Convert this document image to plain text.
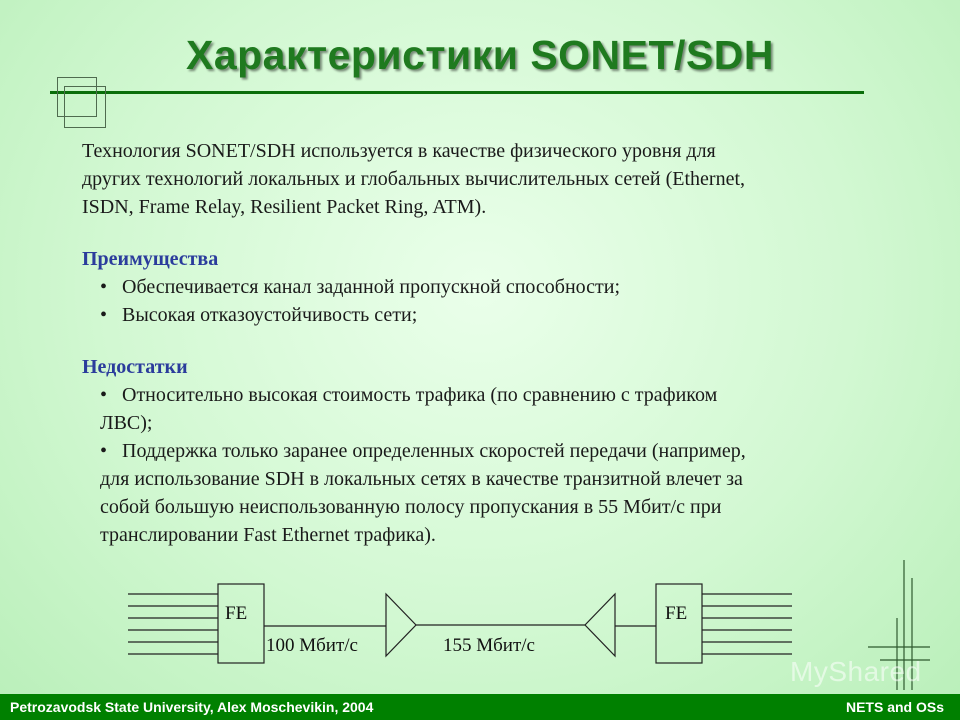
Характеристики SONET/SDH

Технология SONET/SDH используется в качестве физического уровня для

других технологий локальных и глобальных вычислительных сетей (Ethernet,

ISDN, Frame Relay, Resilient Packet Ring, ATM).

Преимущества

• Обеспечивается канал заданной пропускной способности;
• Высокая отказоустойчивость сети;

Недостатки

• Относительно высокая стоимость трафика (по сравнению с трафиком
ЛВС);
• Поддержка только заранее определенных скоростей передачи (например,
для использование SDH в локальных сетях в качестве транзитной влечет за
собой большую неиспользованную полосу пропускания в 55 Мбит/с при
транслировании Fast Ethernet трафика).
FE	FE
100 Мбит/с	155 Мбит/с
MyShared
Petrozavodsk State University, Alex Moschevikin, 2004	NETS and OSs
